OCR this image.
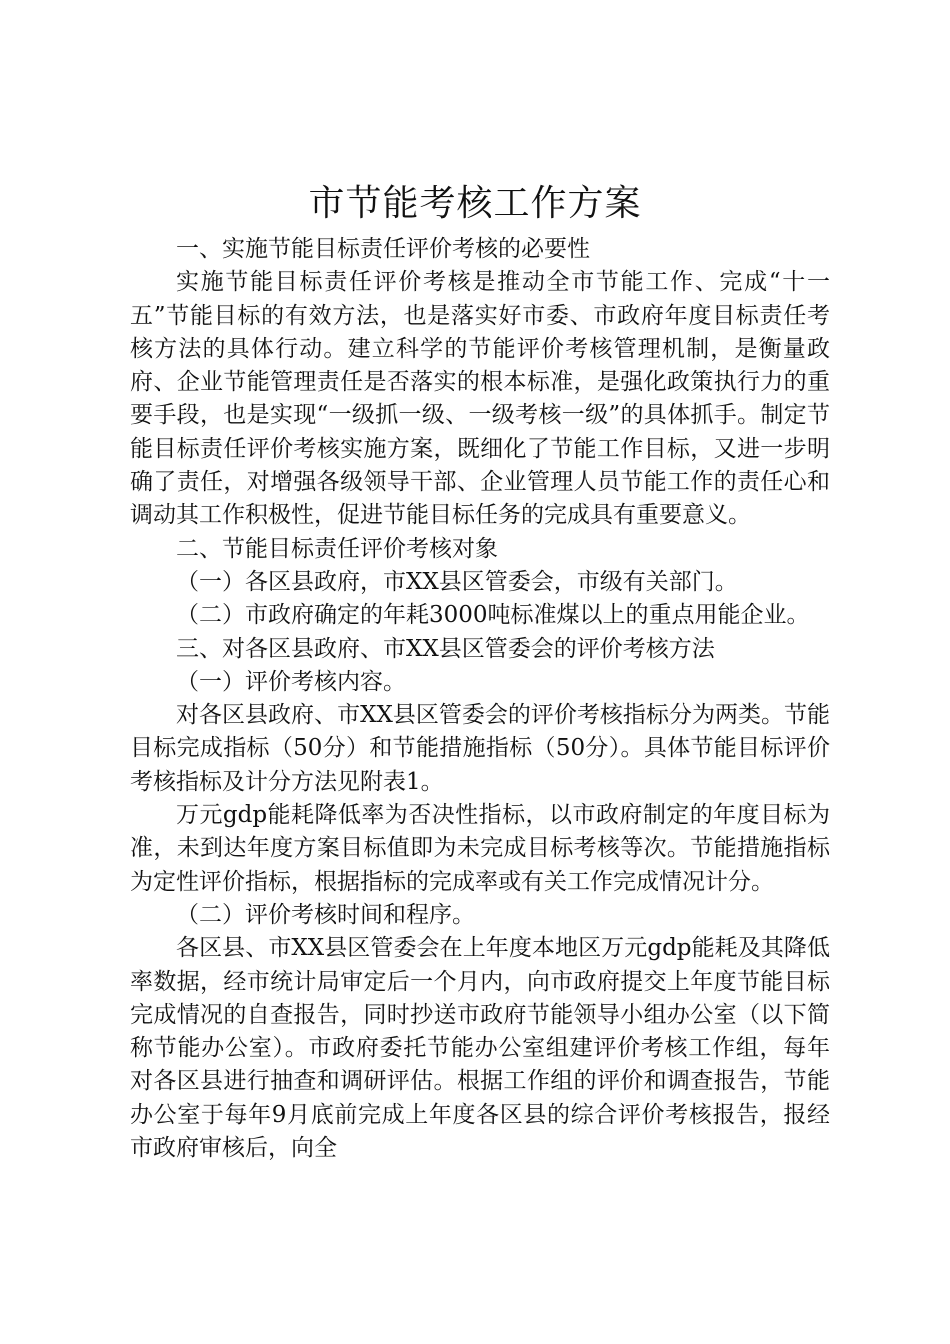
市节能考核工作方案

一、实施节能目标责任评价考核的必要性

实施节能目标责任评价考核是推动全市节能工作、完成“十一五”节能目标的有效方法，也是落实好市委、市政府年度目标责任考核方法的具体行动。建立科学的节能评价考核管理机制，是衡量政府、企业节能管理责任是否落实的根本标准，是强化政策执行力的重要手段，也是实现“一级抓一级、一级考核一级”的具体抓手。制定节能目标责任评价考核实施方案，既细化了节能工作目标，又进一步明确了责任，对增强各级领导干部、企业管理人员节能工作的责任心和调动其工作积极性，促进节能目标任务的完成具有重要意义。

二、节能目标责任评价考核对象

（一）各区县政府，市XX县区管委会，市级有关部门。

（二）市政府确定的年耗3000吨标准煤以上的重点用能企业。

三、对各区县政府、市XX县区管委会的评价考核方法

（一）评价考核内容。

对各区县政府、市XX县区管委会的评价考核指标分为两类。节能目标完成指标（50分）和节能措施指标（50分）。具体节能目标评价考核指标及计分方法见附表1。

万元gdp能耗降低率为否决性指标，以市政府制定的年度目标为准，未到达年度方案目标值即为未完成目标考核等次。节能措施指标为定性评价指标，根据指标的完成率或有关工作完成情况计分。

（二）评价考核时间和程序。

各区县、市XX县区管委会在上年度本地区万元gdp能耗及其降低率数据，经市统计局审定后一个月内，向市政府提交上年度节能目标完成情况的自查报告，同时抄送市政府节能领导小组办公室（以下简称节能办公室）。市政府委托节能办公室组建评价考核工作组，每年对各区县进行抽查和调研评估。根据工作组的评价和调查报告，节能办公室于每年9月底前完成上年度各区县的综合评价考核报告，报经市政府审核后，向全
